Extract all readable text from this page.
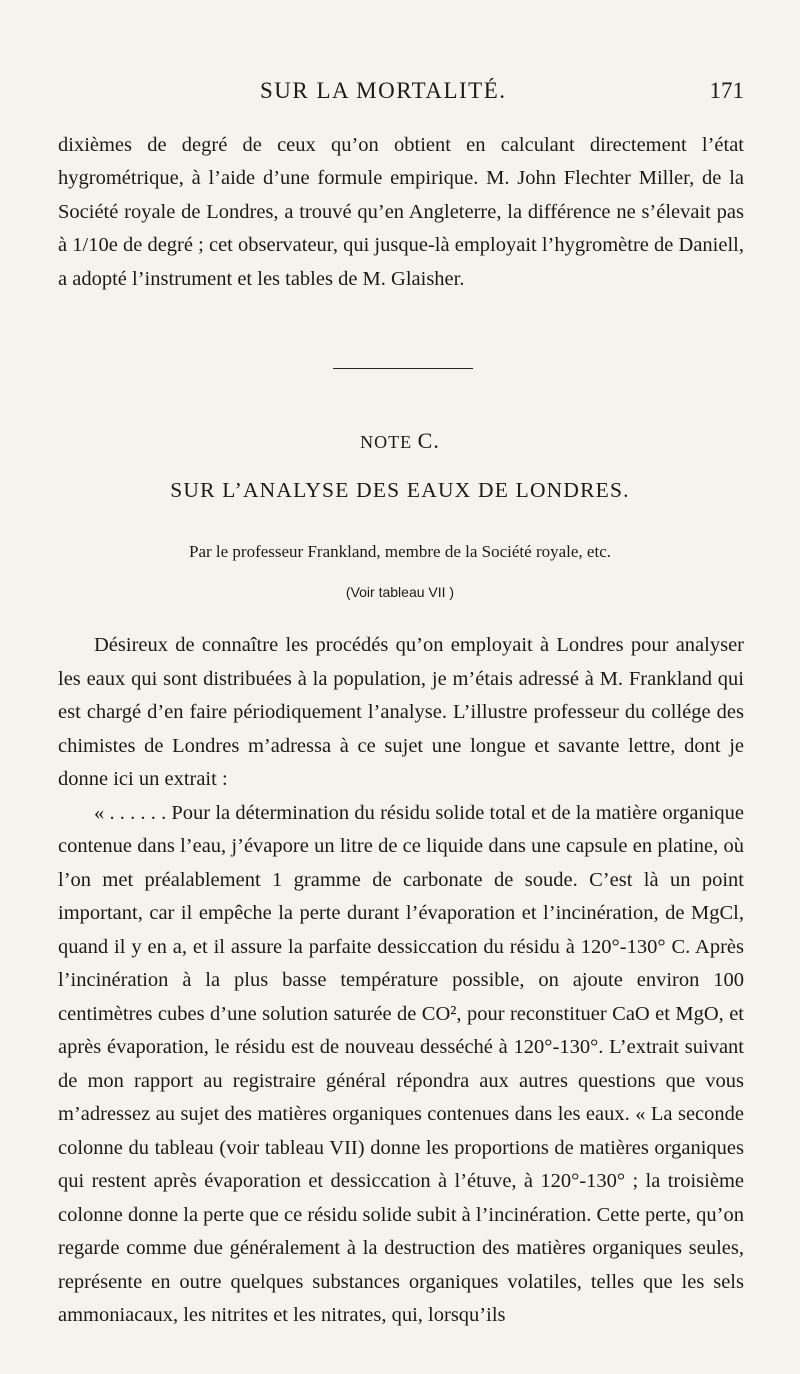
SUR LA MORTALITÉ.	171

dixièmes de degré de ceux qu’on obtient en calculant directement l’état hygrométrique, à l’aide d’une formule empirique. M. John Flechter Miller, de la Société royale de Londres, a trouvé qu’en Angleterre, la différence ne s’élevait pas à 1/10e de degré ; cet observateur, qui jusque-là employait l’hygromètre de Daniell, a adopté l’instrument et les tables de M. Glaisher.

NOTE C.
SUR L’ANALYSE DES EAUX DE LONDRES.
Par le professeur Frankland, membre de la Société royale, etc.
(Voir tableau VII )
Désireux de connaître les procédés qu’on employait à Londres pour analyser les eaux qui sont distribuées à la population, je m’étais adressé à M. Frankland qui est chargé d’en faire périodiquement l’analyse. L’illustre professeur du collége des chimistes de Londres m’adressa à ce sujet une longue et savante lettre, dont je donne ici un extrait :
« . . . . . . Pour la détermination du résidu solide total et de la matière organique contenue dans l’eau, j’évapore un litre de ce liquide dans une capsule en platine, où l’on met préalablement 1 gramme de carbonate de soude. C’est là un point important, car il empêche la perte durant l’évaporation et l’incinération, de MgCl, quand il y en a, et il assure la parfaite dessiccation du résidu à 120°-130° C. Après l’incinération à la plus basse température possible, on ajoute environ 100 centimètres cubes d’une solution saturée de CO², pour reconstituer CaO et MgO, et après évaporation, le résidu est de nouveau desséché à 120°-130°. L’extrait suivant de mon rapport au registraire général répondra aux autres questions que vous m’adressez au sujet des matières organiques contenues dans les eaux. « La seconde colonne du tableau (voir tableau VII) donne les proportions de matières organiques qui restent après évaporation et dessiccation à l’étuve, à 120°-130° ; la troisième colonne donne la perte que ce résidu solide subit à l’incinération. Cette perte, qu’on regarde comme due généralement à la destruction des matières organiques seules, représente en outre quelques substances organiques volatiles, telles que les sels ammoniacaux, les nitrites et les nitrates, qui, lorsqu’ils
